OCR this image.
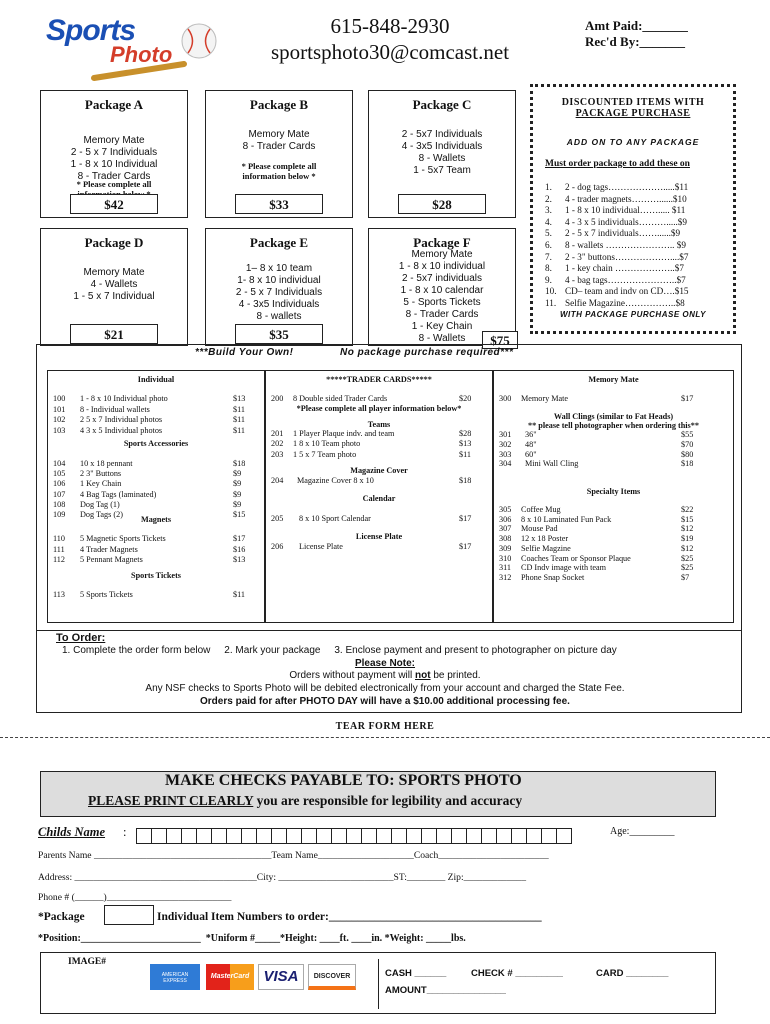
Sports
Photo
615-848-2930
sportsphoto30@comcast.net
Amt Paid:_______
Rec'd By:_______
Package A
Memory Mate
2 - 5 x 7 Individuals
1 - 8 x 10 Individual
8 - Trader Cards
* Please complete all

$42
Package B
Memory Mate
8 - Trader Cards
* Please complete all
information below *
$33
Package C
2 - 5x7 Individuals
4 - 3x5 Individuals
8 - Wallets
1 - 5x7 Team
$28
Package D
Memory Mate
4 - Wallets
1 - 5 x 7 Individual
$21
Package E
1– 8 x 10 team
1- 8 x 10 individual
2 - 5 x 7 Individuals
4 - 3x5 Individuals
8 - wallets
$35
Package F
Memory Mate
1 - 8 x 10 individual
2 - 5x7 individuals
1 - 8 x 10 calendar
5 - Sports Tickets
8 - Trader Cards
1 - Key Chain
8 - Wallets	$75
DISCOUNTED ITEMS WITH
PACKAGE PURCHASE
ADD ON TO ANY PACKAGE
Must order package to add these on
1. 2 - dog tags……………….....$11
2. 4 - trader magnets………......$10
3. 1 - 8 x 10 individual……..... $11
4. 4 - 3 x 5 individuals……….....$9
5. 2 - 5 x 7 individuals……......$9
6. 8 - wallets ………………….. $9
7. 2 - 3" buttons………………....$7
8. 1 - key chain ………………..$7
9. 4 - bag tags…………………..$7
10. CD– team and indv on CD….$15
11. Selfie Magazine……………..$8
WITH PACKAGE PURCHASE ONLY
***Build Your Own!	No package purchase required***
Individual
100 1 - 8 x 10 Individual photo	$13
101 8 - Individual wallets	$11
102 2 5 x 7 Individual photos	$11
103 4 3 x 5 Individual photos	$11
Sports Accessories
104 10 x 18 pennant	$18
105 2 3" Buttons	$9
106 1 Key Chain	$9
107 4 Bag Tags (laminated)	$9
108 Dog Tag (1)	$9
109 Dog Tags (2)	$15
Magnets
110 5 Magnetic Sports Tickets	$17
111 4 Trader Magnets	$16
112 5 Pennant Magnets	$13
Sports Tickets
113 5 Sports Tickets	$11
*****TRADER CARDS*****
200 8 Double sided Trader Cards	$20
*Please complete all player information below*
Teams
201 1 Player Plaque indv. and team	$28
202 1 8 x 10 Team photo	$13
203 1 5 x 7 Team photo	$11
Magazine Cover
204 Magazine Cover 8 x 10	$18
Calendar
205 8 x 10 Sport Calendar	$17
License Plate
206 License Plate	$17
Memory Mate
300 Memory Mate	$17
Wall Clings (similar to Fat Heads)
** please tell photographer when ordering this**
301 36"	$55
302 48"	$70
303 60"	$80
304 Mini Wall Cling	$18
Specialty Items
305 Coffee Mug	$22
306 8 x 10 Laminated Fun Pack	$15
307 Mouse Pad	$12
308 12 x 18 Poster	$19
309 Selfie Magzine	$12
310 Coaches Team or Sponsor Plaque	$25
311 CD Indv image with team	$25
312 Phone Snap Socket	$7
To Order:
1. Complete the order form below     2. Mark your package     3. Enclose payment and present to photographer on picture day
Please Note:
Orders without payment will not be printed.
Any NSF checks to Sports Photo will be debited electronically from your account and charged the State Fee.
Orders paid for after PHOTO DAY will have a $10.00 additional processing fee.
TEAR FORM HERE
MAKE CHECKS PAYABLE TO: SPORTS PHOTO
PLEASE PRINT CLEARLY you are responsible for legibility and accuracy
Childs Name :	Age:_________
Parents Name _____________________________________Team Name____________________Coach_______________________
Address: ______________________________________City: ________________________ST:________ Zip:_____________
Phone # (______)__________________________
*Package	Individual Item Numbers to order:_____________________________________
*Position:________________________  *Uniform #_____*Height: ____ft. ____in. *Weight: _____lbs.
IMAGE#
AMERICAN EXPRESS
MasterCard VISA	DISCOVER	CASH ______	CHECK # _________	CARD ________
AMOUNT_______________
